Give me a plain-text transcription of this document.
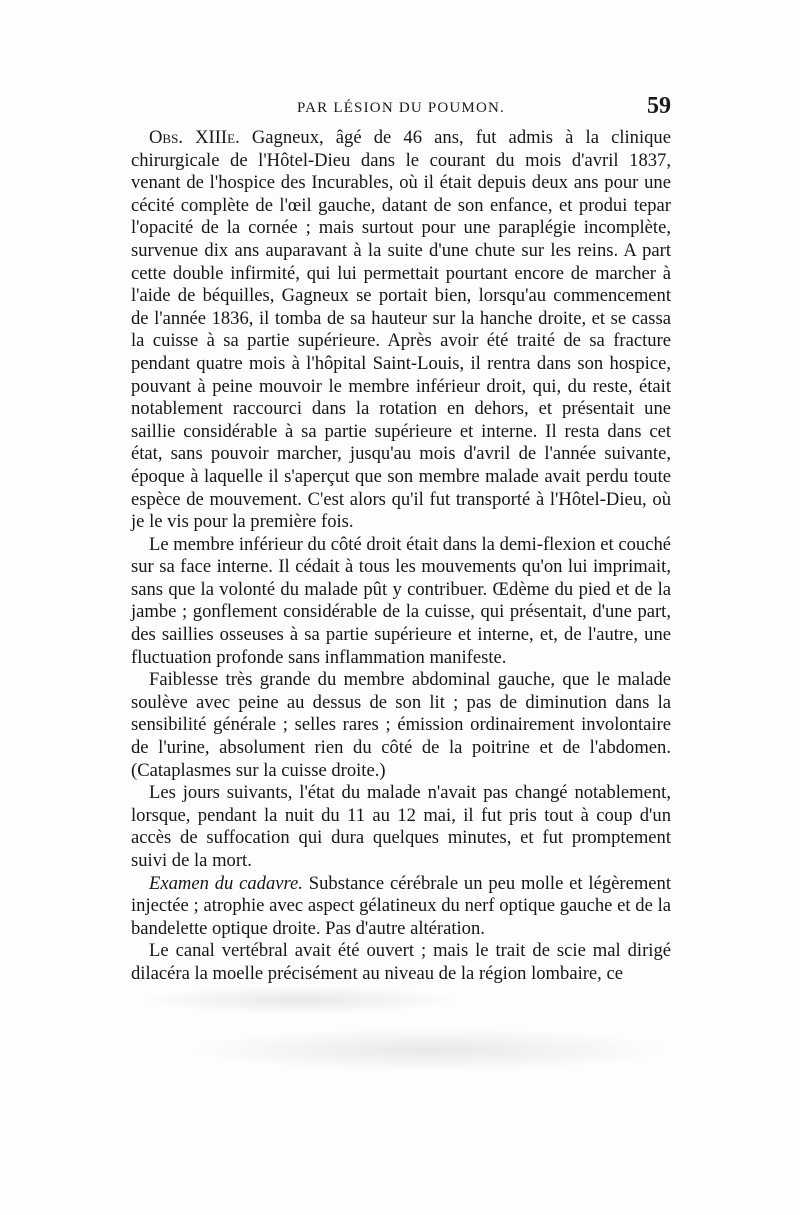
PAR LÉSION DU POUMON.	59

Obs. XIIIe. Gagneux, âgé de 46 ans, fut admis à la clinique chirurgicale de l'Hôtel-Dieu dans le courant du mois d'avril 1837, venant de l'hospice des Incurables, où il était depuis deux ans pour une cécité complète de l'œil gauche, datant de son enfance, et produi tepar l'opacité de la cornée ; mais surtout pour une paraplégie incomplète, survenue dix ans auparavant à la suite d'une chute sur les reins. A part cette double infirmité, qui lui permettait pourtant encore de marcher à l'aide de béquilles, Gagneux se portait bien, lorsqu'au commencement de l'année 1836, il tomba de sa hauteur sur la hanche droite, et se cassa la cuisse à sa partie supérieure. Après avoir été traité de sa fracture pendant quatre mois à l'hôpital Saint-Louis, il rentra dans son hospice, pouvant à peine mouvoir le membre inférieur droit, qui, du reste, était notablement raccourci dans la rotation en dehors, et présentait une saillie considérable à sa partie supérieure et interne. Il resta dans cet état, sans pouvoir marcher, jusqu'au mois d'avril de l'année suivante, époque à laquelle il s'aperçut que son membre malade avait perdu toute espèce de mouvement. C'est alors qu'il fut transporté à l'Hôtel-Dieu, où je le vis pour la première fois.

Le membre inférieur du côté droit était dans la demi-flexion et couché sur sa face interne. Il cédait à tous les mouvements qu'on lui imprimait, sans que la volonté du malade pût y contribuer. Œdème du pied et de la jambe ; gonflement considérable de la cuisse, qui présentait, d'une part, des saillies osseuses à sa partie supérieure et interne, et, de l'autre, une fluctuation profonde sans inflammation manifeste.

Faiblesse très grande du membre abdominal gauche, que le malade soulève avec peine au dessus de son lit ; pas de diminution dans la sensibilité générale ; selles rares ; émission ordinairement involontaire de l'urine, absolument rien du côté de la poitrine et de l'abdomen. (Cataplasmes sur la cuisse droite.)

Les jours suivants, l'état du malade n'avait pas changé notablement, lorsque, pendant la nuit du 11 au 12 mai, il fut pris tout à coup d'un accès de suffocation qui dura quelques minutes, et fut promptement suivi de la mort.

Examen du cadavre. Substance cérébrale un peu molle et légèrement injectée ; atrophie avec aspect gélatineux du nerf optique gauche et de la bandelette optique droite. Pas d'autre altération.

Le canal vertébral avait été ouvert ; mais le trait de scie mal dirigé dilacéra la moelle précisément au niveau de la région lombaire, ce
